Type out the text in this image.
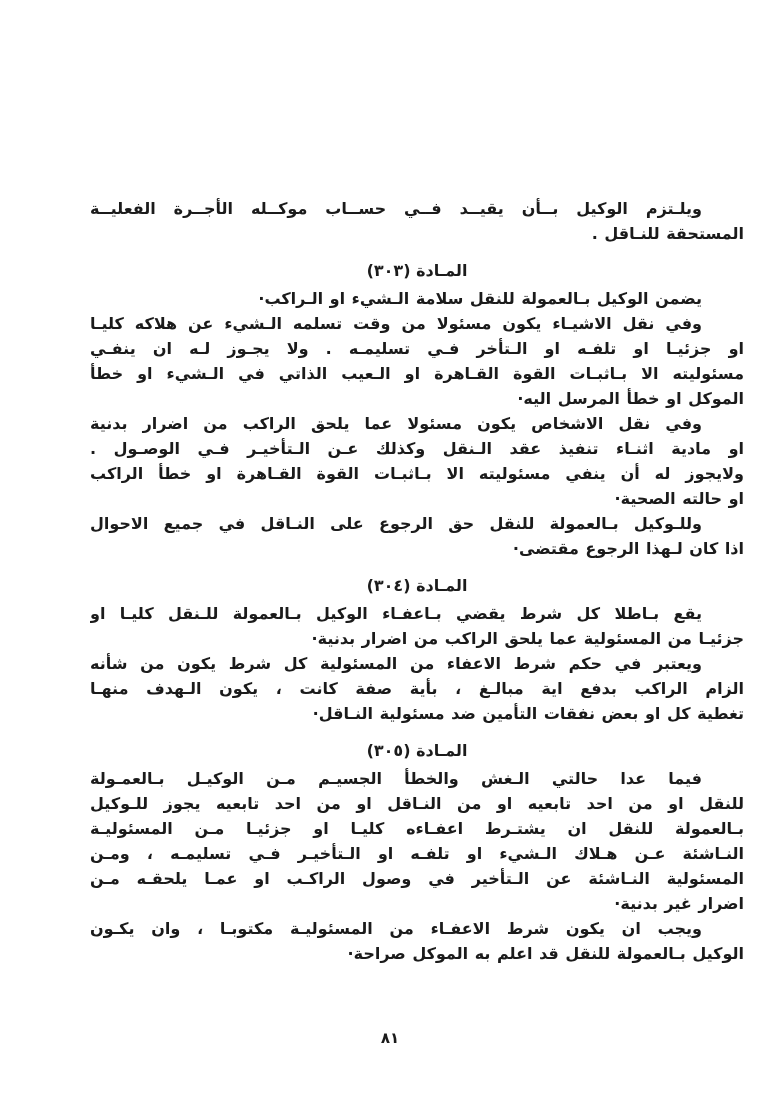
ويلـتزم الوكيل بــأن يقيــد فــي حســاب موكــله الأجــرة الفعليــة
المستحقة للنـاقل .
المـادة (٣٠٣)
يضمن الوكيل بـالعمولة للنقل سلامة الـشيء او الـراكب·
وفي نقل الاشيـاء يكون مسئولا من وقت تسلمه الـشيء عن هلاكه كليـا
او جزئيـا او تلفـه او الـتأخر فـي تسليمـه . ولا يجـوز لـه ان ينفـي
مسئوليته الا بـاثبـات القوة القـاهرة او الـعيب الذاتي في الـشيء او خطأ
الموكل او خطأ المرسل اليه·
وفي نقل الاشخاص يكون مسئولا عما يلحق الراكب من اضرار بدنية
او مادية اثنـاء تنفيذ عقد الـنقل وكذلك عـن الـتأخيـر فـي الوصـول .
ولايجوز له أن ينفي مسئوليته الا بـاثبـات القوة القـاهرة او خطأ الراكب
او حالته الصحية·
وللـوكيل بـالعمولة للنقل حق الرجوع على النـاقل في جميع الاحوال
اذا كان لـهذا الرجوع مقتضى·
المـادة (٣٠٤)
يقع بـاطلا كل شرط يقضي بـاعفـاء الوكيل بـالعمولة للـنقل كليـا او
جزئيـا من المسئولية عما يلحق الراكب من اضرار بدنية·
ويعتبر في حكم شرط الاعفاء من المسئولية كل شرط يكون من شأنه
الزام الراكب بدفع اية مبالـغ ، بأية صفة كانت ، يكون الـهدف منهـا
تغطية كل او بعض نفقات التأمين ضد مسئولية النـاقل·
المـادة (٣٠٥)
فيما عدا حالتي الـغش والخطأ الجسيـم مـن الوكيـل بـالعمـولة
للنقل او من احد تابعيه او من النـاقل او من احد تابعيه يجوز للـوكيل
بـالعمولة للنقل ان يشتـرط اعفـاءه كليـا او جزئيـا مـن المسئوليـة
النـاشئة عـن هـلاك الـشيء او تلفـه او الـتأخيـر فـي تسليمـه ، ومـن
المسئولية النـاشئة عن الـتأخير في وصول الراكـب او عمـا يلحقـه مـن
اضرار غير بدنية·
ويجب ان يكون شرط الاعفـاء من المسئوليـة مكتوبـا ، وان يكـون
الوكيل بـالعمولة للنقل قد اعلم به الموكل صراحة·
٨١
